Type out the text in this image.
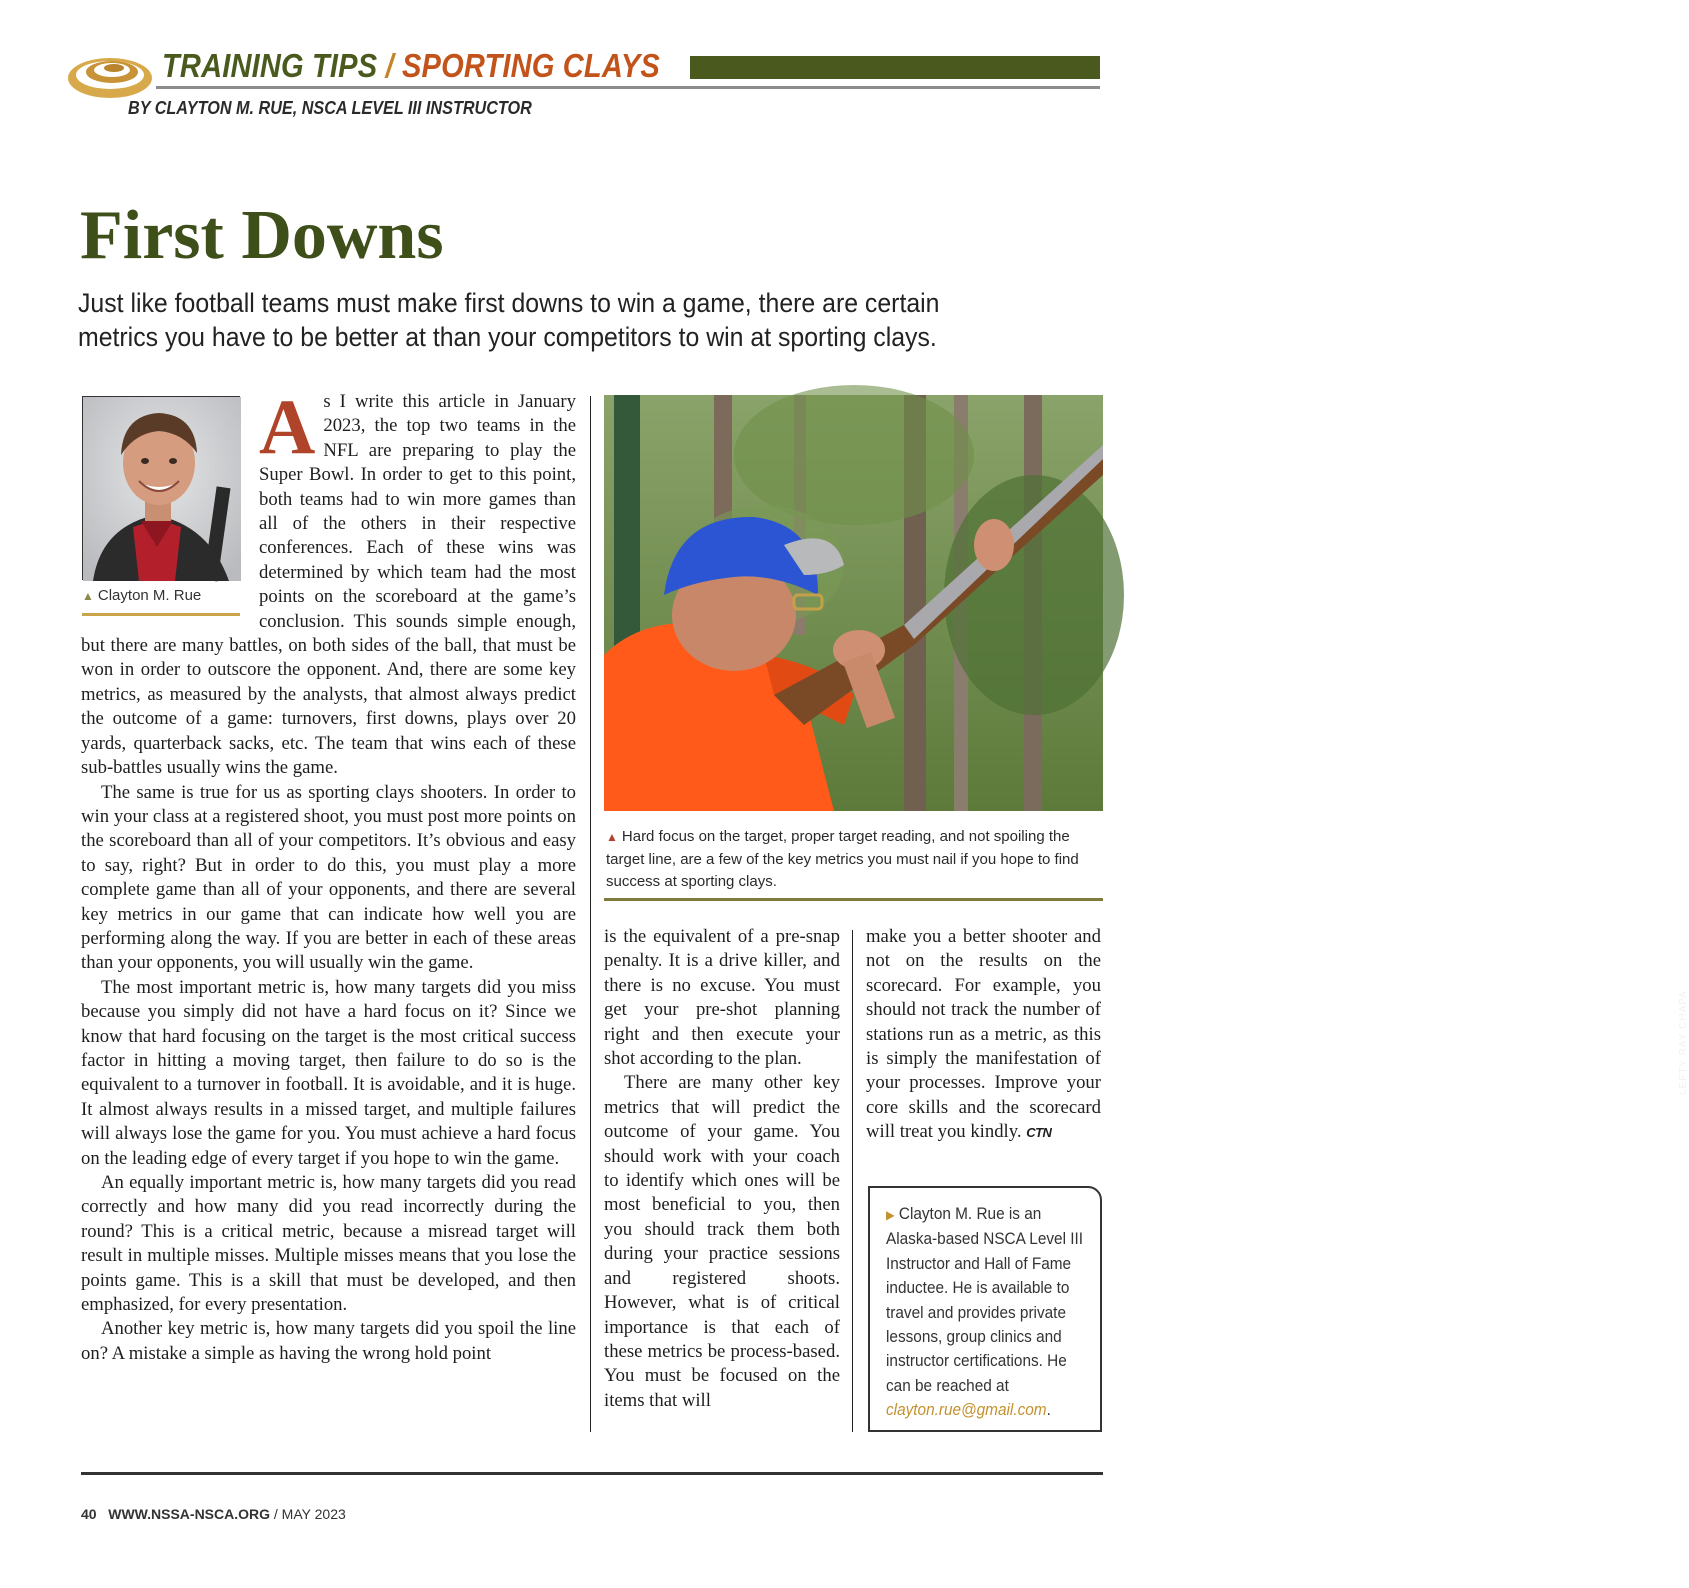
TRAINING TIPS / SPORTING CLAYS
BY CLAYTON M. RUE, NSCA LEVEL III INSTRUCTOR
First Downs
Just like football teams must make first downs to win a game, there are certain metrics you have to be better at than your competitors to win at sporting clays.
▲ Clayton M. Rue
A s I write this article in January 2023, the top two teams in the NFL are preparing to play the Super Bowl. In order to get to this point, both teams had to win more games than all of the others in their respective conferences. Each of these wins was determined by which team had the most points on the scoreboard at the game’s conclusion. This sounds simple enough, but there are many battles, on both sides of the ball, that must be won in order to outscore the opponent. And, there are some key metrics, as measured by the analysts, that almost always predict the outcome of a game: turnovers, first downs, plays over 20 yards, quarterback sacks, etc. The team that wins each of these sub-battles usually wins the game.

The same is true for us as sporting clays shooters. In order to win your class at a registered shoot, you must post more points on the scoreboard than all of your competitors. It’s obvious and easy to say, right? But in order to do this, you must play a more complete game than all of your opponents, and there are several key metrics in our game that can indicate how well you are performing along the way. If you are better in each of these areas than your opponents, you will usually win the game.

The most important metric is, how many targets did you miss because you simply did not have a hard focus on it? Since we know that hard focusing on the target is the most critical success factor in hitting a moving target, then failure to do so is the equivalent to a turnover in football. It is avoidable, and it is huge. It almost always results in a missed target, and multiple failures will always lose the game for you. You must achieve a hard focus on the leading edge of every target if you hope to win the game.

An equally important metric is, how many targets did you read correctly and how many did you read incorrectly during the round? This is a critical metric, because a misread target will result in multiple misses. Multiple misses means that you lose the points game. This is a skill that must be developed, and then emphasized, for every presentation.

Another key metric is, how many targets did you spoil the line on? A mistake a simple as having the wrong hold point

LEFTY RAY CHAPA
▲ Hard focus on the target, proper target reading, and not spoiling the target line, are a few of the key metrics you must nail if you hope to find success at sporting clays.

is the equivalent of a pre-snap penalty. It is a drive killer, and there is no excuse. You must get your pre-shot planning right and then execute your shot according to the plan.

There are many other key metrics that will predict the outcome of your game. You should work with your coach to identify which ones will be most beneficial to you, then you should track them both during your practice sessions and registered shoots. However, what is of critical importance is that each of these metrics be process-based. You must be focused on the items that will

make you a better shooter and not on the results on the scorecard. For example, you should not track the number of stations run as a metric, as this is simply the manifestation of your processes. Improve your core skills and the scorecard will treat you kindly. CTN

▶ Clayton M. Rue is an Alaska-based NSCA Level III Instructor and Hall of Fame inductee. He is available to travel and provides private lessons, group clinics and instructor certifications. He can be reached at clayton.rue@gmail.com.
40 WWW.NSSA-NSCA.ORG / MAY 2023
